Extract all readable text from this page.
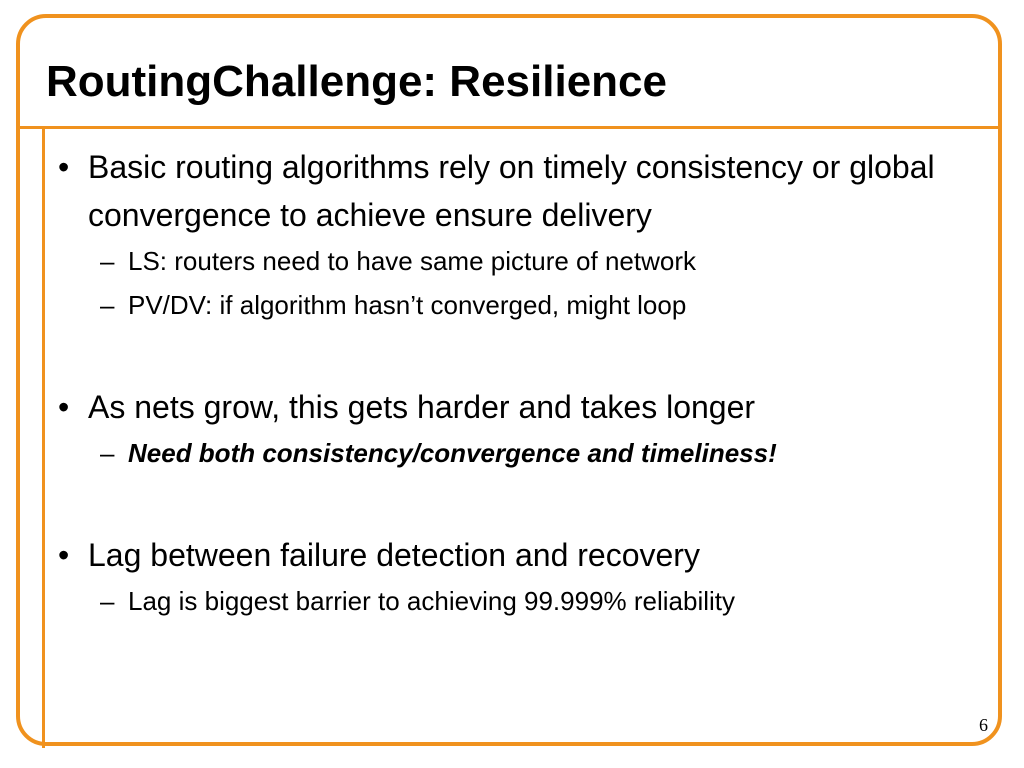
RoutingChallenge: Resilience
• Basic routing algorithms rely on timely consistency or global convergence to achieve ensure delivery
– LS: routers need to have same picture of network
– PV/DV: if algorithm hasn’t converged, might loop
• As nets grow, this gets harder and takes longer
– Need both consistency/convergence and timeliness!
• Lag between failure detection and recovery
– Lag is biggest barrier to achieving 99.999% reliability
6
